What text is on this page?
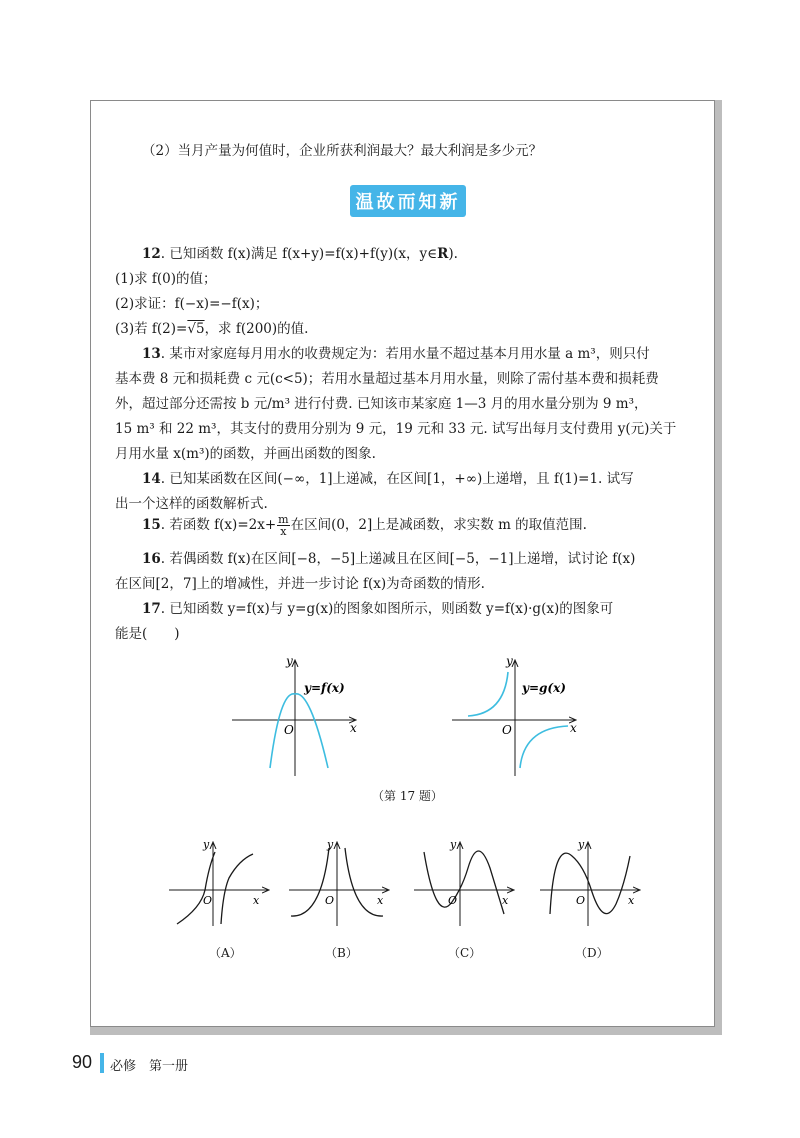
（2）当月产量为何值时，企业所获利润最大？最大利润是多少元？
温故而知新
12. 已知函数 f(x)满足 f(x+y)=f(x)+f(y)(x，y∈R).
(1)求 f(0)的值；
(2)求证：f(−x)=−f(x)；
(3)若 f(2)=√5，求 f(200)的值.
13. 某市对家庭每月用水的收费规定为：若用水量不超过基本月用水量 a m³，则只付
基本费 8 元和损耗费 c 元(c<5)；若用水量超过基本月用水量，则除了需付基本费和损耗费
外，超过部分还需按 b 元/m³ 进行付费. 已知该市某家庭 1—3 月的用水量分别为 9 m³，
15 m³ 和 22 m³，其支付的费用分别为 9 元，19 元和 33 元. 试写出每月支付费用 y(元)关于
月用水量 x(m³)的函数，并画出函数的图象.
14. 已知某函数在区间(−∞，1]上递减，在区间[1，+∞)上递增，且 f(1)=1. 试写
出一个这样的函数解析式.
15. 若函数 $f(x)=2x+ \frac{m}{x}$ 在区间(0，2]上是减函数，求实数 m 的取值范围.
16. 若偶函数 f(x)在区间[−8，−5]上递减且在区间[−5，−1]上递增，试讨论 f(x)
在区间[2，7]上的增减性，并进一步讨论 f(x)为奇函数的情形.
17. 已知函数 y=f(x)与 y=g(x)的图象如图所示，则函数 y=f(x)·g(x)的图象可
能是(　　)
y
x
O
y=f(x)
y
x
O
y=g(x)
（第 17 题）
y
x
O
y
x
O
y
x
O
y
x
O
（A）	（B）	（C）	（D）
90 必修　第一册
